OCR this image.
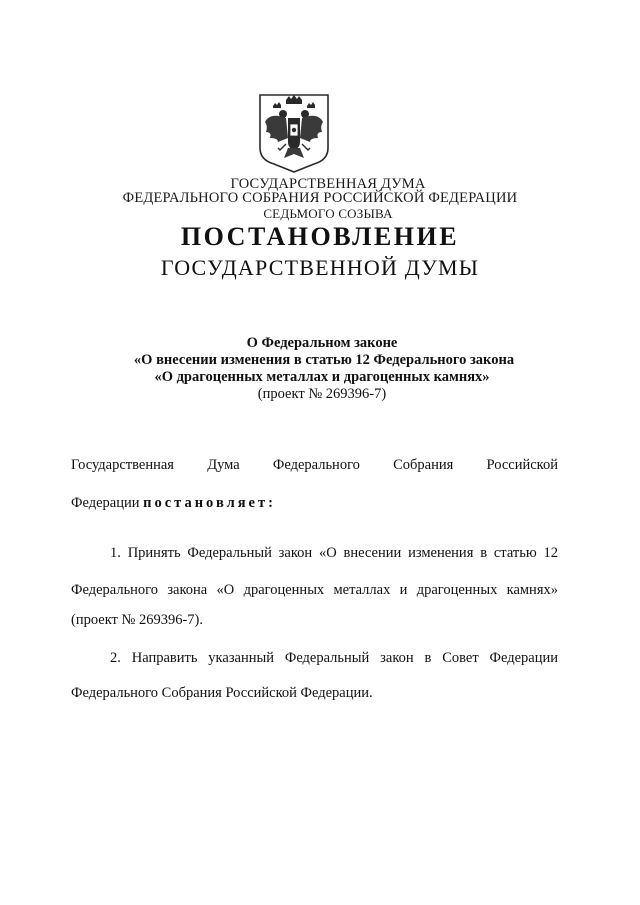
ГОСУДАРСТВЕННАЯ ДУМА
ФЕДЕРАЛЬНОГО СОБРАНИЯ РОССИЙСКОЙ ФЕДЕРАЦИИ
СЕДЬМОГО СОЗЫВА
ПОСТАНОВЛЕНИЕ
ГОСУДАРСТВЕННОЙ ДУМЫ
О Федеральном законе
«О внесении изменения в статью 12 Федерального закона
«О драгоценных металлах и драгоценных камнях»
(проект № 269396-7)
Государственная Дума Федерального Собрания Российской
Федерации постановляет:
1. Принять Федеральный закон «О внесении изменения в статью 12
Федерального закона «О драгоценных металлах и драгоценных камнях»
(проект № 269396-7).
2. Направить указанный Федеральный закон в Совет Федерации
Федерального Собрания Российской Федерации.
